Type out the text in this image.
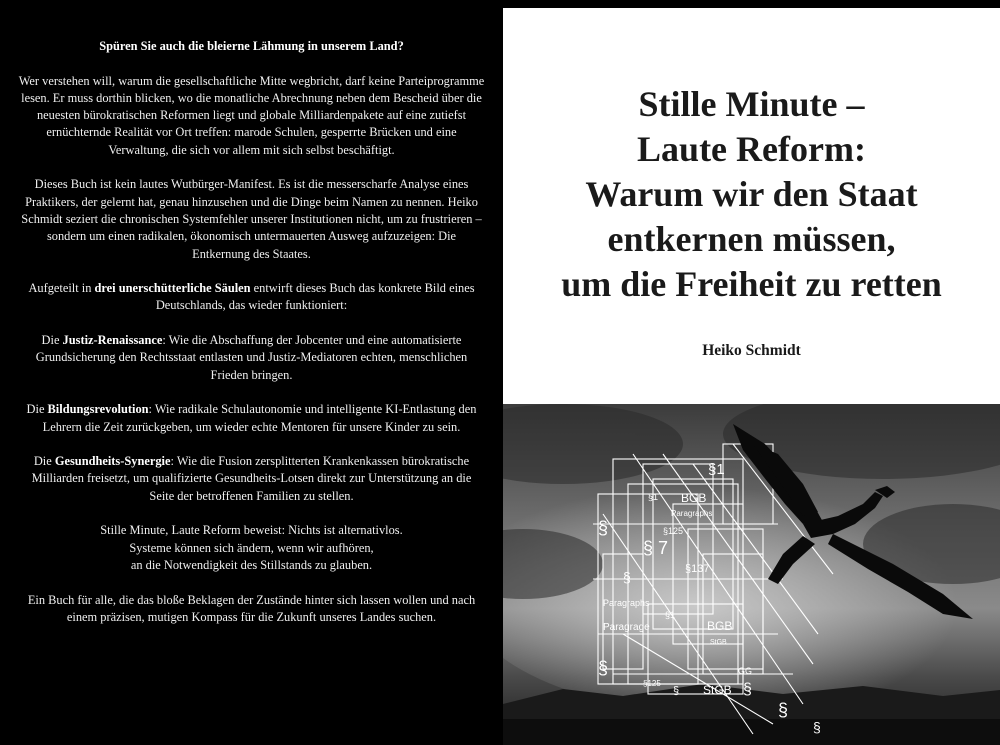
Spüren Sie auch die bleierne Lähmung in unserem Land?

Wer verstehen will, warum die gesellschaftliche Mitte wegbricht, darf keine Parteiprogramme lesen. Er muss dorthin blicken, wo die monatliche Abrechnung neben dem Bescheid über die neuesten bürokratischen Reformen liegt und globale Milliardenpakete auf eine zutiefst ernüchternde Realität vor Ort treffen: marode Schulen, gesperrte Brücken und eine Verwaltung, die sich vor allem mit sich selbst beschäftigt.

Dieses Buch ist kein lautes Wutbürger-Manifest. Es ist die messerscharfe Analyse eines Praktikers, der gelernt hat, genau hinzusehen und die Dinge beim Namen zu nennen. Heiko Schmidt seziert die chronischen Systemfehler unserer Institutionen nicht, um zu frustrieren – sondern um einen radikalen, ökonomisch untermauerten Ausweg aufzuzeigen: Die Entkernung des Staates.

Aufgeteilt in drei unerschütterliche Säulen entwirft dieses Buch das konkrete Bild eines Deutschlands, das wieder funktioniert:

Die Justiz-Renaissance: Wie die Abschaffung der Jobcenter und eine automatisierte Grundsicherung den Rechtsstaat entlasten und Justiz-Mediatoren echten, menschlichen Frieden bringen.

Die Bildungsrevolution: Wie radikale Schulautonomie und intelligente KI-Entlastung den Lehrern die Zeit zurückgeben, um wieder echte Mentoren für unsere Kinder zu sein.

Die Gesundheits-Synergie: Wie die Fusion zersplitterten Krankenkassen bürokratische Milliarden freisetzt, um qualifizierte Gesundheits-Lotsen direkt zur Unterstützung an die Seite der betroffenen Familien zu stellen.

Stille Minute, Laute Reform beweist: Nichts ist alternativlos.
Systeme können sich ändern, wenn wir aufhören,
an die Notwendigkeit des Stillstands zu glauben.

Ein Buch für alle, die das bloße Beklagen der Zustände hinter sich lassen wollen und nach einem präzisen, mutigen Kompass für die Zukunft unseres Landes suchen.

Stille Minute –
Laute Reform:
Warum wir den Staat
entkernen müssen,
um die Freiheit zu retten
Heiko Schmidt
§1
§1 BGB
Paragraphs
§125
§
§ 7
§137
§
Paragraphs
Paragrage
§1
BGB
StGB
§
§125
§ StGB
GG
§
§
§
